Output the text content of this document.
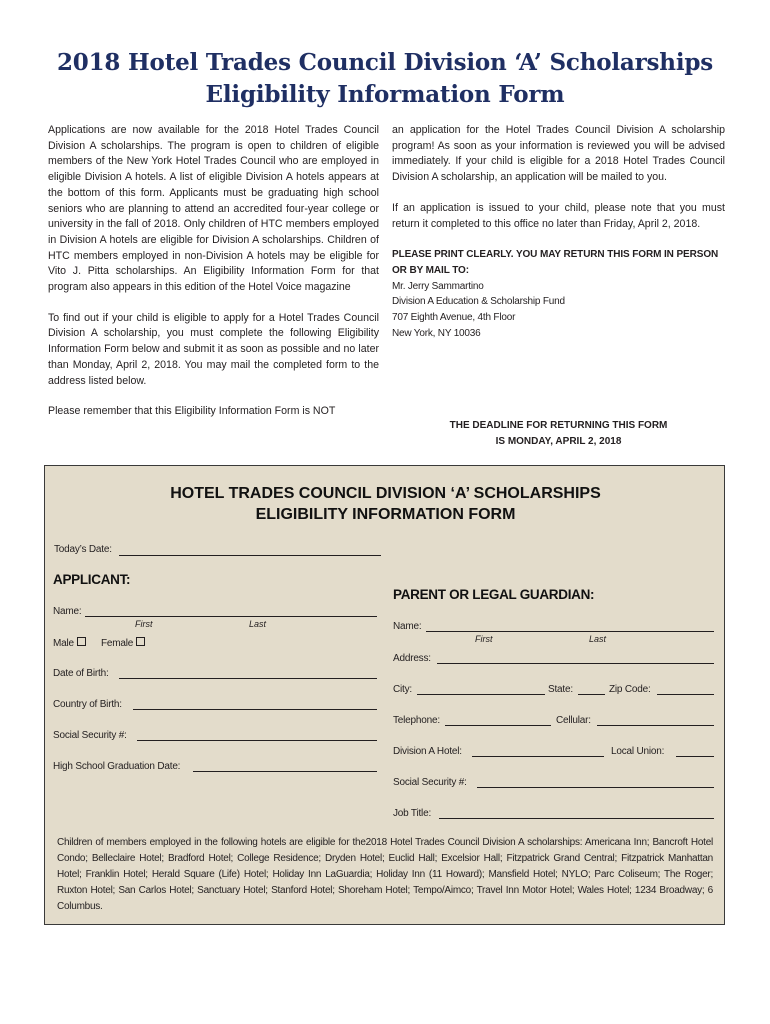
2018 Hotel Trades Council Division ‘A’ Scholarships
Eligibility Information Form

Applications are now available for the 2018 Hotel Trades Council Division A scholarships. The program is open to children of eligible members of the New York Hotel Trades Council who are employed in eligible Division A hotels. A list of eligible Division A hotels appears at the bottom of this form. Applicants must be graduating high school seniors who are planning to attend an accredited four-year college or university in the fall of 2018. Only children of HTC members employed in Division A hotels are eligible for Division A scholarships. Children of HTC members employed in non-Division A hotels may be eligible for Vito J. Pitta scholarships. An Eligibility Information Form for that program also appears in this edition of the Hotel Voice magazine

To find out if your child is eligible to apply for a Hotel Trades Council Division A scholarship, you must complete the following Eligibility Information Form below and submit it as soon as possible and no later than Monday, April 2, 2018. You may mail the completed form to the address listed below.

Please remember that this Eligibility Information Form is NOT

an application for the Hotel Trades Council Division A scholarship program! As soon as your information is reviewed you will be advised immediately. If your child is eligible for a 2018 Hotel Trades Council Division A scholarship, an application will be mailed to you.

If an application is issued to your child, please note that you must return it completed to this office no later than Friday, April 2, 2018.

PLEASE PRINT CLEARLY. YOU MAY RETURN THIS FORM IN PERSON OR BY MAIL TO:

Mr. Jerry Sammartino

Division A Education & Scholarship Fund

707 Eighth Avenue, 4th Floor

New York, NY 10036

THE DEADLINE FOR RETURNING THIS FORM
IS MONDAY, APRIL 2, 2018
HOTEL TRADES COUNCIL DIVISION ‘A’ SCHOLARSHIPS
ELIGIBILITY INFORMATION FORM
Today’s Date:
APPLICANT:
Name:
First	Last
Male	Female
Date of Birth:
Country of Birth:
Social Security #:
High School Graduation Date:
PARENT OR LEGAL GUARDIAN:
Name:
First	Last
Address:
City:	State:	Zip Code:
Telephone:	Cellular:
Division A Hotel:	Local Union:
Social Security #:
Job Title:
Children of members employed in the following hotels are eligible for the2018 Hotel Trades Council Division A scholarships: Americana Inn; Bancroft Hotel Condo; Belleclaire Hotel; Bradford Hotel; College Residence; Dryden Hotel; Euclid Hall; Excelsior Hall; Fitzpatrick Grand Central; Fitzpatrick Manhattan Hotel; Franklin Hotel; Herald Square (Life) Hotel; Holiday Inn LaGuardia; Holiday Inn (11 Howard); Mansfield Hotel; NYLO; Parc Coliseum; The Roger; Ruxton Hotel; San Carlos Hotel; Sanctuary Hotel; Stanford Hotel; Shoreham Hotel; Tempo/Aimco; Travel Inn Motor Hotel; Wales Hotel; 1234 Broadway; 6 Columbus.
